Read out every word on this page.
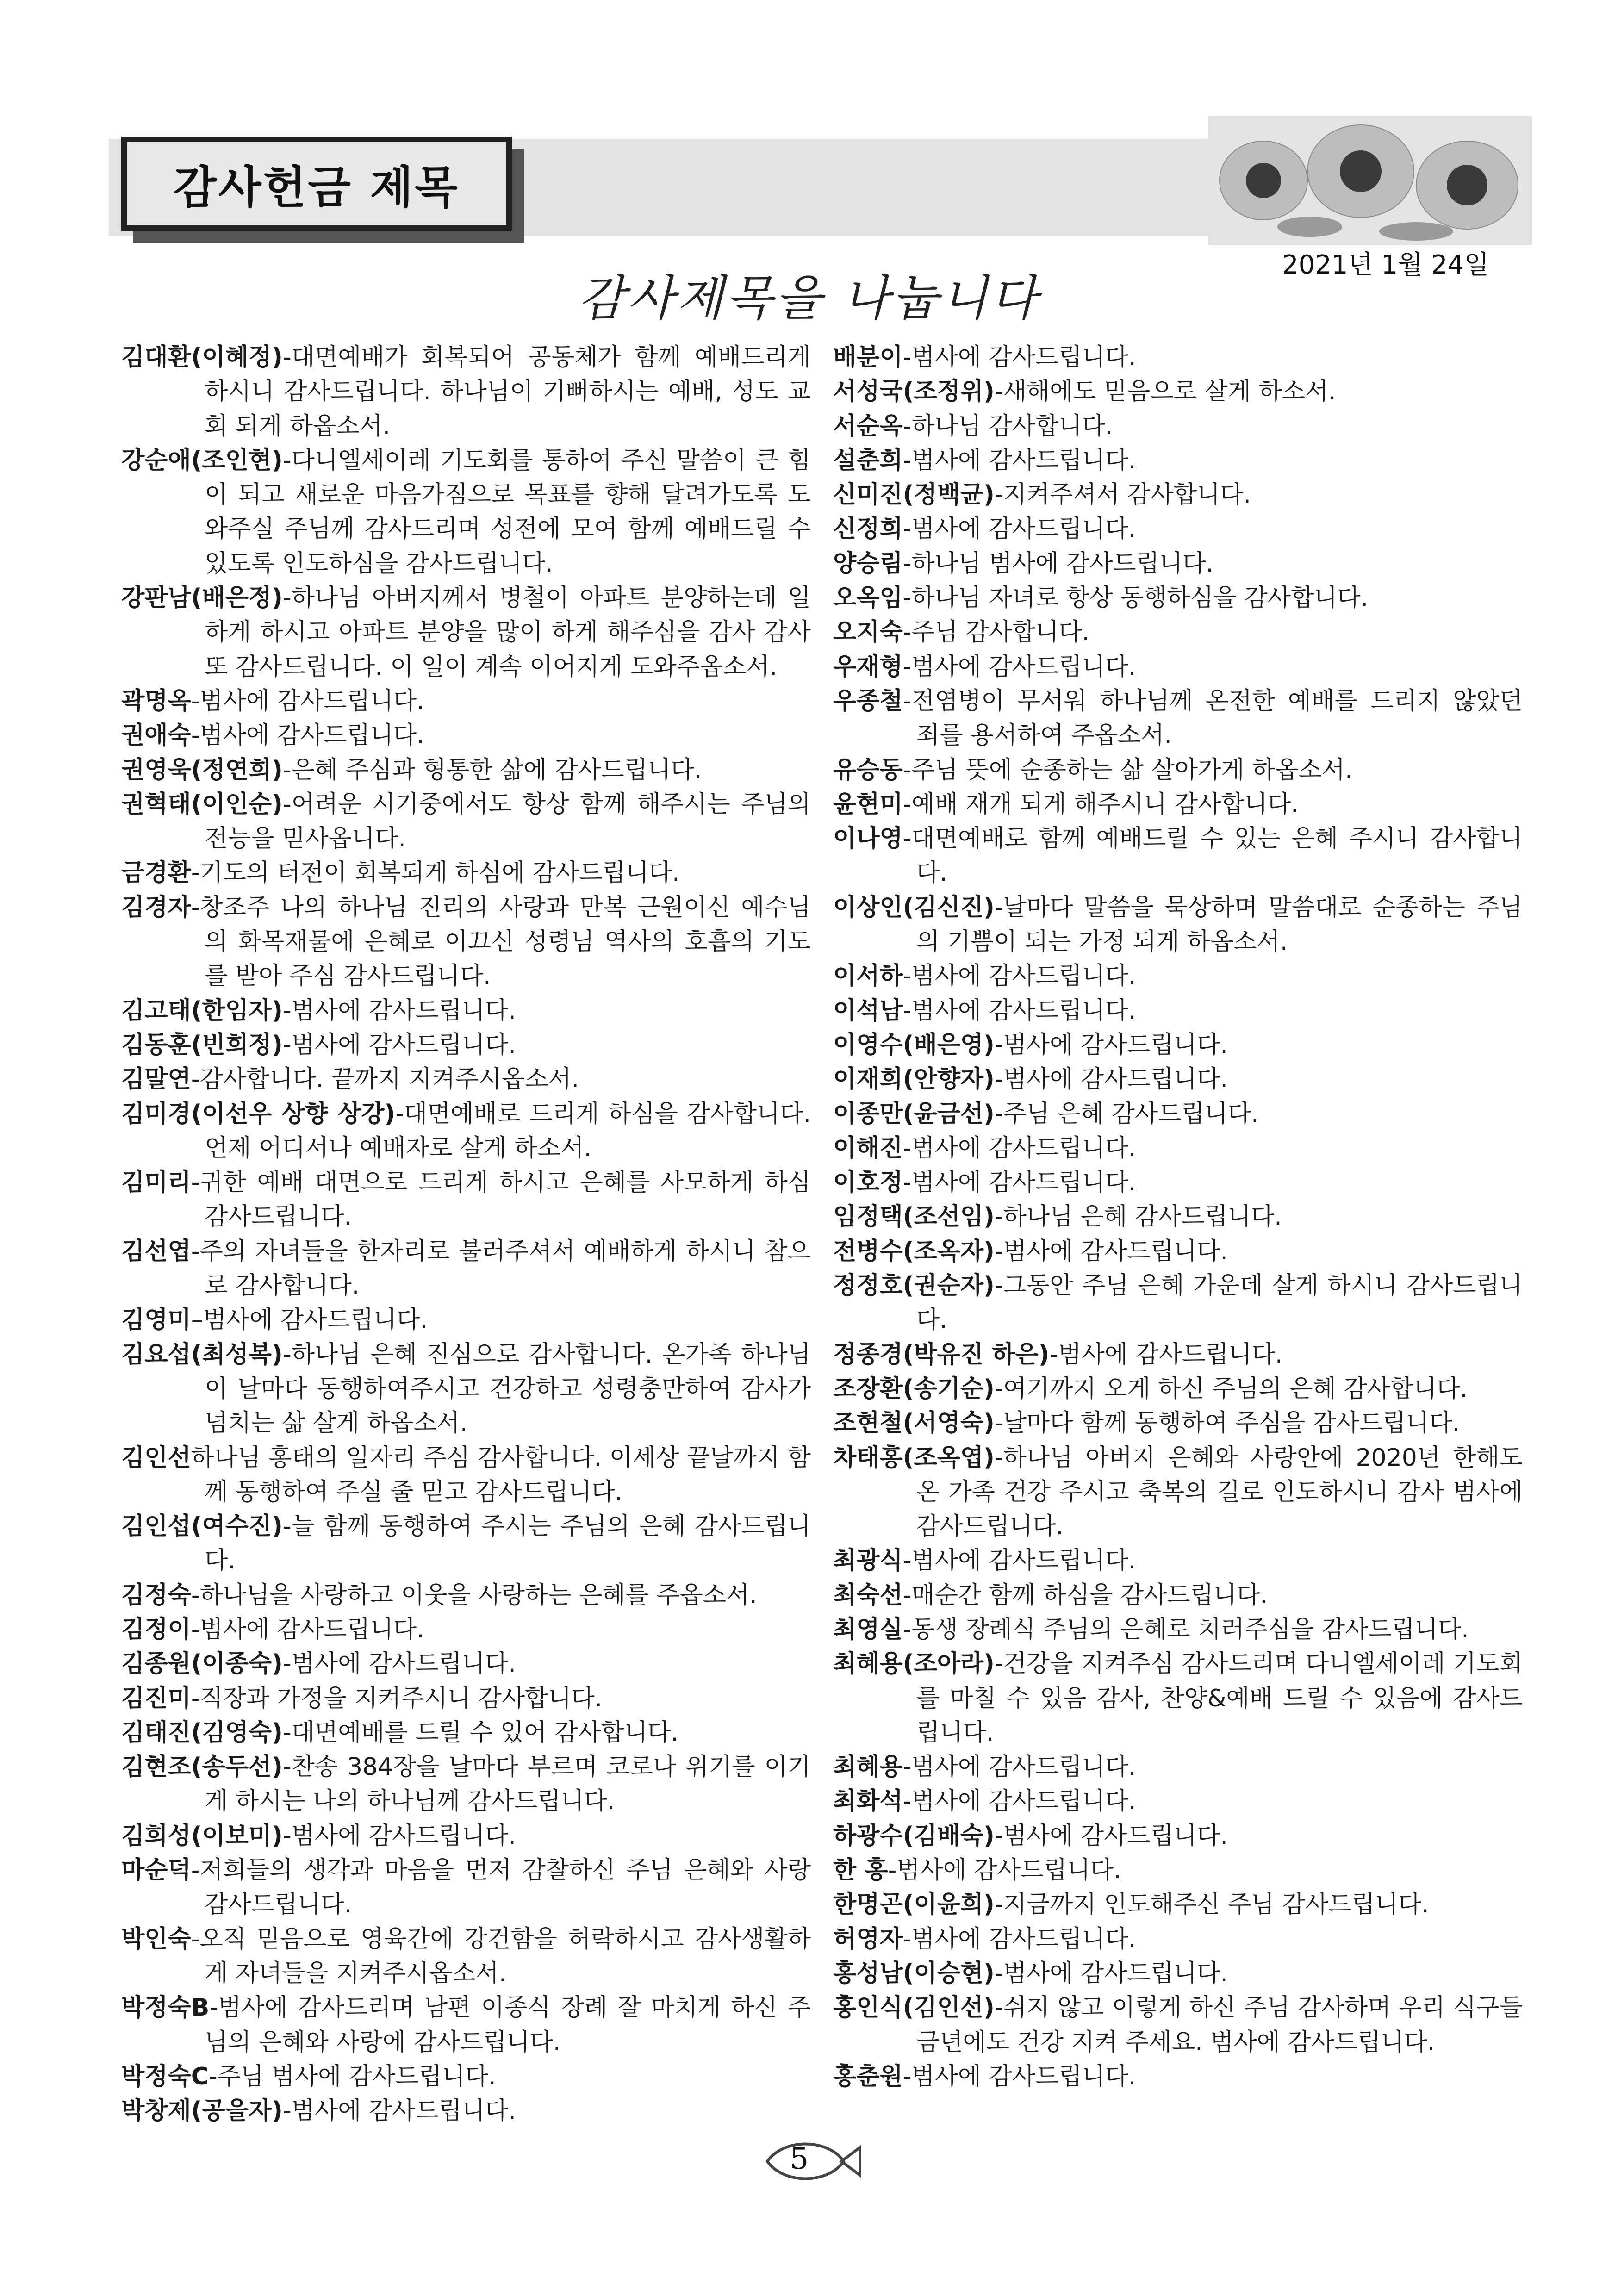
감사헌금 제목
2021년 1월 24일
감사제목을 나눕니다
김대환(이혜정)-대면예배가 회복되어 공동체가 함께 예배드리게 하시니 감사드립니다. 하나님이 기뻐하시는 예배, 성도 교회 되게 하옵소서.
강순애(조인현)-다니엘세이레 기도회를 통하여 주신 말씀이 큰 힘이 되고 새로운 마음가짐으로 목표를 향해 달려가도록 도와주실 주님께 감사드리며 성전에 모여 함께 예배드릴 수 있도록 인도하심을 감사드립니다.
강판남(배은정)-하나님 아버지께서 병철이 아파트 분양하는데 일하게 하시고 아파트 분양을 많이 하게 해주심을 감사 감사 또 감사드립니다. 이 일이 계속 이어지게 도와주옵소서.
곽명옥-범사에 감사드립니다.
권애숙-범사에 감사드립니다.
권영욱(정연희)-은혜 주심과 형통한 삶에 감사드립니다.
권혁태(이인순)-어려운 시기중에서도 항상 함께 해주시는 주님의 전능을 믿사옵니다.
금경환-기도의 터전이 회복되게 하심에 감사드립니다.
김경자-창조주 나의 하나님 진리의 사랑과 만복 근원이신 예수님의 화목재물에 은혜로 이끄신 성령님 역사의 호흡의 기도를 받아 주심 감사드립니다.
김고태(한임자)-범사에 감사드립니다.
김동훈(빈희정)-범사에 감사드립니다.
김말연-감사합니다. 끝까지 지켜주시옵소서.
김미경(이선우 상향 상강)-대면예배로 드리게 하심을 감사합니다. 언제 어디서나 예배자로 살게 하소서.
김미리-귀한 예배 대면으로 드리게 하시고 은혜를 사모하게 하심 감사드립니다.
김선엽-주의 자녀들을 한자리로 불러주셔서 예배하게 하시니 참으로 감사합니다.
김영미–범사에 감사드립니다.
김요섭(최성복)-하나님 은혜 진심으로 감사합니다. 온가족 하나님이 날마다 동행하여주시고 건강하고 성령충만하여 감사가 넘치는 삶 살게 하옵소서.
김인선하나님 홍태의 일자리 주심 감사합니다. 이세상 끝날까지 함께 동행하여 주실 줄 믿고 감사드립니다.
김인섭(여수진)-늘 함께 동행하여 주시는 주님의 은혜 감사드립니다.
김정숙-하나님을 사랑하고 이웃을 사랑하는 은혜를 주옵소서.
김정이-범사에 감사드립니다.
김종원(이종숙)-범사에 감사드립니다.
김진미-직장과 가정을 지켜주시니 감사합니다.
김태진(김영숙)-대면예배를 드릴 수 있어 감사합니다.
김현조(송두선)-찬송 384장을 날마다 부르며 코로나 위기를 이기게 하시는 나의 하나님께 감사드립니다.
김희성(이보미)-범사에 감사드립니다.
마순덕-저희들의 생각과 마음을 먼저 감찰하신 주님 은혜와 사랑 감사드립니다.
박인숙-오직 믿음으로 영육간에 강건함을 허락하시고 감사생활하게 자녀들을 지켜주시옵소서.
박정숙B-범사에 감사드리며 남편 이종식 장례 잘 마치게 하신 주님의 은혜와 사랑에 감사드립니다.
박정숙C-주님 범사에 감사드립니다.
박창제(공을자)-범사에 감사드립니다.
배분이-범사에 감사드립니다.
서성국(조정위)-새해에도 믿음으로 살게 하소서.
서순옥-하나님 감사합니다.
설춘희-범사에 감사드립니다.
신미진(정백균)-지켜주셔서 감사합니다.
신정희-범사에 감사드립니다.
양승림-하나님 범사에 감사드립니다.
오옥임-하나님 자녀로 항상 동행하심을 감사합니다.
오지숙-주님 감사합니다.
우재형-범사에 감사드립니다.
우종철-전염병이 무서워 하나님께 온전한 예배를 드리지 않았던 죄를 용서하여 주옵소서.
유승동-주님 뜻에 순종하는 삶 살아가게 하옵소서.
윤현미-예배 재개 되게 해주시니 감사합니다.
이나영-대면예배로 함께 예배드릴 수 있는 은혜 주시니 감사합니다.
이상인(김신진)-날마다 말씀을 묵상하며 말씀대로 순종하는 주님의 기쁨이 되는 가정 되게 하옵소서.
이서하-범사에 감사드립니다.
이석남-범사에 감사드립니다.
이영수(배은영)-범사에 감사드립니다.
이재희(안향자)-범사에 감사드립니다.
이종만(윤금선)-주님 은혜 감사드립니다.
이해진-범사에 감사드립니다.
이호정-범사에 감사드립니다.
임정택(조선임)-하나님 은혜 감사드립니다.
전병수(조옥자)-범사에 감사드립니다.
정정호(권순자)-그동안 주님 은혜 가운데 살게 하시니 감사드립니다.
정종경(박유진 하은)-범사에 감사드립니다.
조장환(송기순)-여기까지 오게 하신 주님의 은혜 감사합니다.
조현철(서영숙)-날마다 함께 동행하여 주심을 감사드립니다.
차태홍(조옥엽)-하나님 아버지 은혜와 사랑안에 2020년 한해도 온 가족 건강 주시고 축복의 길로 인도하시니 감사 범사에 감사드립니다.
최광식-범사에 감사드립니다.
최숙선-매순간 함께 하심을 감사드립니다.
최영실-동생 장례식 주님의 은혜로 치러주심을 감사드립니다.
최혜용(조아라)-건강을 지켜주심 감사드리며 다니엘세이레 기도회를 마칠 수 있음 감사, 찬양&예배 드릴 수 있음에 감사드립니다.
최혜용-범사에 감사드립니다.
최화석-범사에 감사드립니다.
하광수(김배숙)-범사에 감사드립니다.
한 홍-범사에 감사드립니다.
한명곤(이윤희)-지금까지 인도해주신 주님 감사드립니다.
허영자-범사에 감사드립니다.
홍성남(이승현)-범사에 감사드립니다.
홍인식(김인선)-쉬지 않고 이렇게 하신 주님 감사하며 우리 식구들 금년에도 건강 지켜 주세요. 범사에 감사드립니다.
홍춘원-범사에 감사드립니다.
5
